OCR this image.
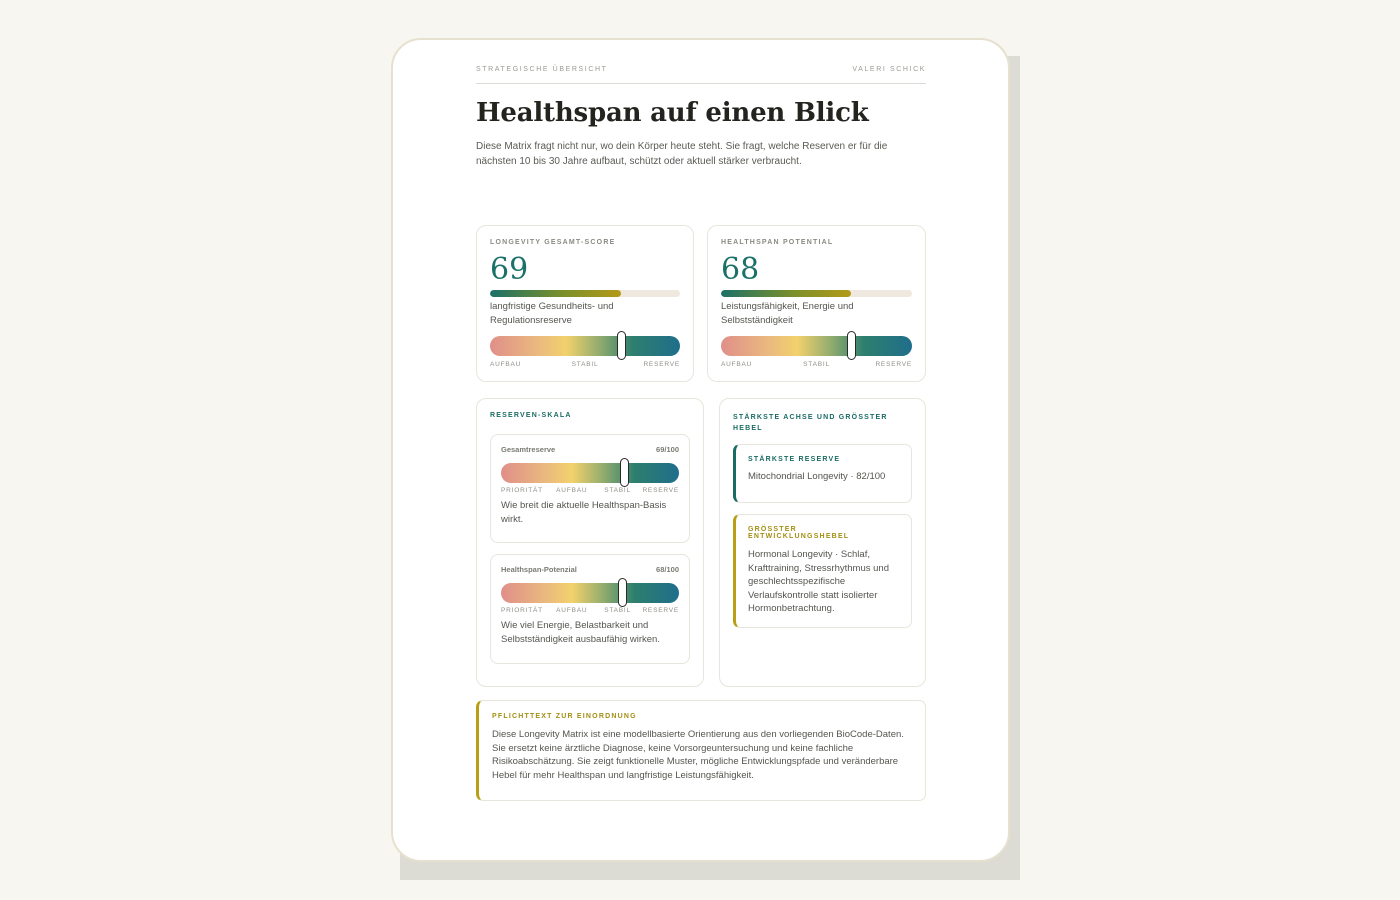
STRATEGISCHE ÜBERSICHT	VALERI SCHICK
Healthspan auf einen Blick

Diese Matrix fragt nicht nur, wo dein Körper heute steht. Sie fragt, welche Reserven er für die nächsten 10 bis 30 Jahre aufbaut, schützt oder aktuell stärker verbraucht.

LONGEVITY GESAMT-SCORE
69
langfristige Gesundheits- und Regulationsreserve
AUFBAU	STABIL	RESERVE
HEALTHSPAN POTENTIAL
68
Leistungsfähigkeit, Energie und Selbstständigkeit
AUFBAU	STABIL	RESERVE
RESERVEN-SKALA
Gesamtreserve	69/100
PRIORITÄT AUFBAU	STABIL RESERVE
Wie breit die aktuelle Healthspan-Basis wirkt.
Healthspan-Potenzial	68/100
PRIORITÄT AUFBAU	STABIL RESERVE
Wie viel Energie, Belastbarkeit und Selbstständigkeit ausbaufähig wirken.
STÄRKSTE ACHSE UND GRÖSSTER HEBEL
STÄRKSTE RESERVE
Mitochondrial Longevity · 82/100
GRÖSSTER ENTWICKLUNGSHEBEL
Hormonal Longevity · Schlaf, Krafttraining, Stressrhythmus und geschlechtsspezifische Verlaufskontrolle statt isolierter Hormonbetrachtung.
PFLICHTTEXT ZUR EINORDNUNG
Diese Longevity Matrix ist eine modellbasierte Orientierung aus den vorliegenden BioCode-Daten. Sie ersetzt keine ärztliche Diagnose, keine Vorsorgeuntersuchung und keine fachliche Risikoabschätzung. Sie zeigt funktionelle Muster, mögliche Entwicklungspfade und veränderbare Hebel für mehr Healthspan und langfristige Leistungsfähigkeit.
